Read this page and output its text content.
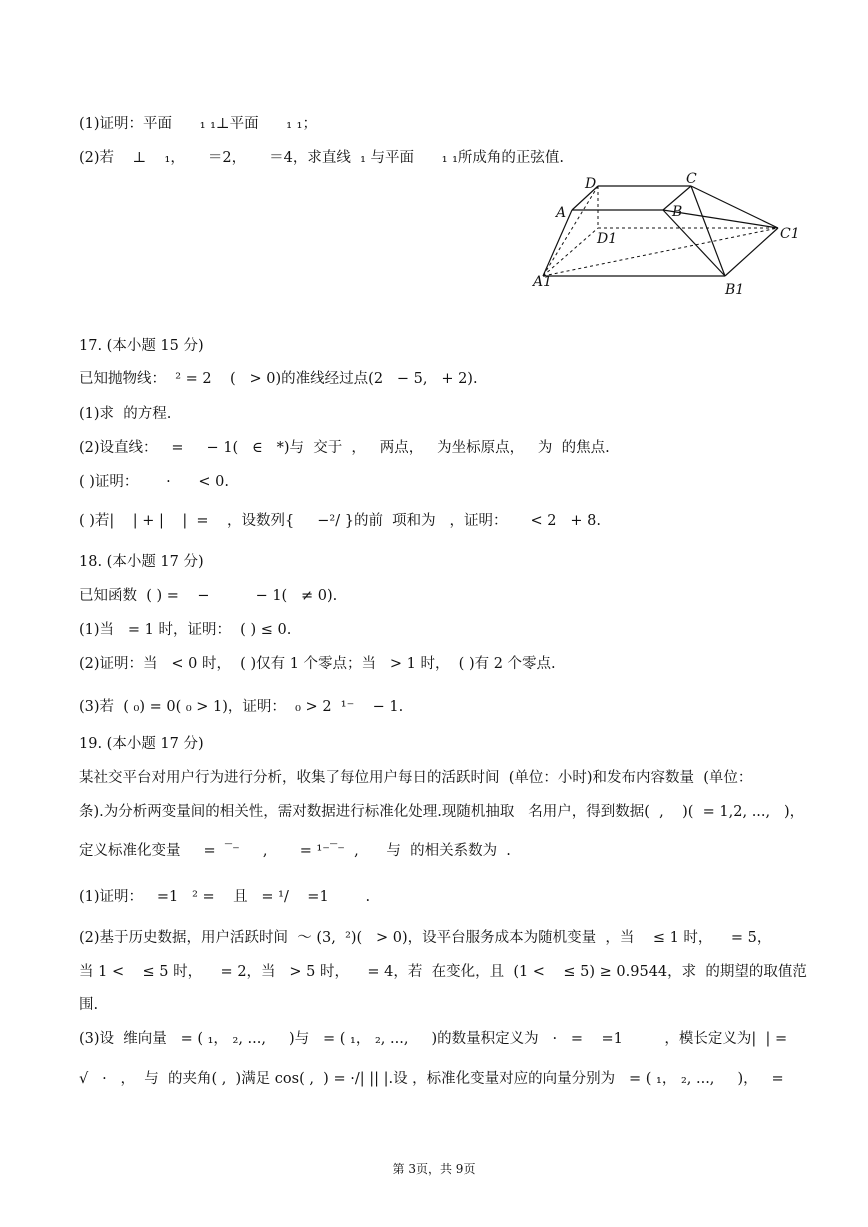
(1)证明：平面      ₁ ₁⊥平面      ₁ ₁；
(2)若    ⊥    ₁，     ＝2，     ＝4，求直线  ₁ 与平面      ₁ ₁所成角的正弦值.
D	C
A	B
D1	C1
A1	B1
17. (本小题 15 分)
已知抛物线：  ² = 2    (   > 0)的准线经过点(2   − 5,   + 2).
(1)求  的方程.
(2)设直线：   =     − 1(   ∈   *)与  交于  ，   两点，   为坐标原点，   为  的焦点.
( )证明：      ·      < 0.
( )若|    | + |    |  =    ，设数列{     −²/ }的前  项和为   ，证明：     < 2   + 8.
18. (本小题 17 分)
已知函数  ( ) =    −          − 1(   ≠ 0).
(1)当   = 1 时，证明：  ( ) ≤ 0.
(2)证明：当   < 0 时，  ( )仅有 1 个零点；当   > 1 时，  ( )有 2 个零点.
(3)若  ( ₀) = 0( ₀ > 1)，证明：  ₀ > 2  ¹⁻    − 1.
19. (本小题 17 分)
某社交平台对用户行为进行分析，收集了每位用户每日的活跃时间  (单位：小时)和发布内容数量  (单位：
条).为分析两变量间的相关性，需对数据进行标准化处理.现随机抽取   名用户，得到数据(  ,    )(  = 1,2, ...,   )，
定义标准化变量     =  ‾⁻     ,       = ¹⁻‾⁻  ,      与  的相关系数为  .
(1)证明：   =1   ² =    且   = ¹/    =1        .
(2)基于历史数据，用户活跃时间  ～ (3,  ²)(   > 0)，设平台服务成本为随机变量  ，当    ≤ 1 时，    = 5，
当 1 <    ≤ 5 时，    = 2，当   > 5 时，    = 4，若  在变化，且  (1 <    ≤ 5) ≥ 0.9544，求  的期望的取值范
围.
(3)设  维向量   = ( ₁， ₂, ...,     )与   = ( ₁， ₂, ...,     )的数量积定义为   ·   =    =1         ，模长定义为|  | =
√   ·   ，  与  的夹角( ,  )满足 cos( ,  ) = ·/| || |.设 ，标准化变量对应的向量分别为   = ( ₁， ₂, ...,     )，   =
第 3页，共 9页
